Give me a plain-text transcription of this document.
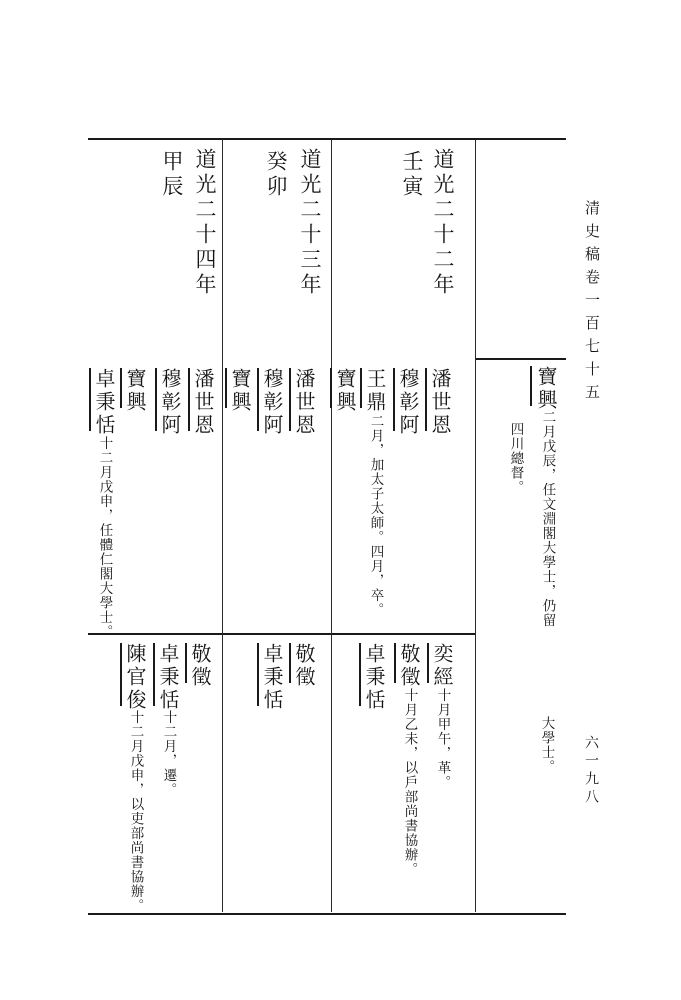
清史稿卷一百七十五
六一九八
寶興
二月戊辰，任文淵閣大學士，仍留
四川總督。
大學士。
道光二十二年
壬寅
潘世恩
穆彰阿
王鼎
二月，加太子太師。四月，卒。
寶興
奕經
十月甲午，革。
敬徵
十月乙未，以戶部尚書協辦。
卓秉恬
道光二十三年
癸卯
潘世恩
穆彰阿
寶興
敬徵
卓秉恬
道光二十四年
甲辰
潘世恩
穆彰阿
寶興
卓秉恬
十二月戊申，任體仁閣大學士。
敬徵
卓秉恬
十二月，遷。
陳官俊
十二月戊申，以吏部尚書協辦。
